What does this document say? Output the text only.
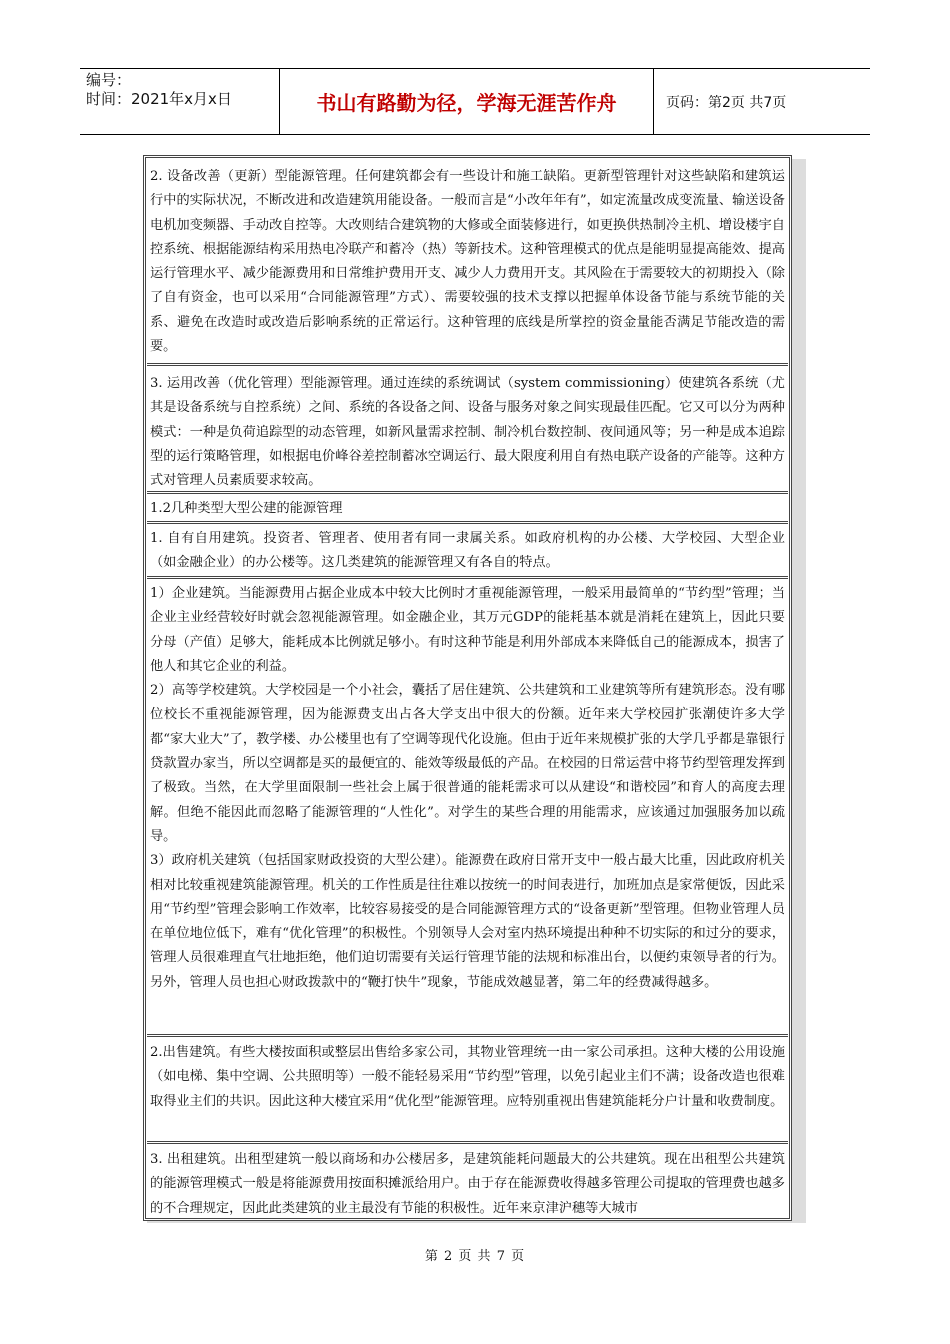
编号：
时间：2021年x月x日	书山有路勤为径，学海无涯苦作舟	页码：第2页 共7页

2. 设备改善（更新）型能源管理。任何建筑都会有一些设计和施工缺陷。更新型管理针对这些缺陷和建筑运行中的实际状况，不断改进和改造建筑用能设备。一般而言是“小改年年有”，如定流量改成变流量、输送设备电机加变频器、手动改自控等。大改则结合建筑物的大修或全面装修进行，如更换供热制冷主机、增设楼宇自控系统、根据能源结构采用热电冷联产和蓄冷（热）等新技术。这种管理模式的优点是能明显提高能效、提高运行管理水平、减少能源费用和日常维护费用开支、减少人力费用开支。其风险在于需要较大的初期投入（除了自有资金，也可以采用“合同能源管理”方式）、需要较强的技术支撑以把握单体设备节能与系统节能的关系、避免在改造时或改造后影响系统的正常运行。这种管理的底线是所掌控的资金量能否满足节能改造的需要。

3. 运用改善（优化管理）型能源管理。通过连续的系统调试（system commissioning）使建筑各系统（尤其是设备系统与自控系统）之间、系统的各设备之间、设备与服务对象之间实现最佳匹配。它又可以分为两种模式：一种是负荷追踪型的动态管理，如新风量需求控制、制冷机台数控制、夜间通风等；另一种是成本追踪型的运行策略管理，如根据电价峰谷差控制蓄冰空调运行、最大限度利用自有热电联产设备的产能等。这种方式对管理人员素质要求较高。

1.2几种类型大型公建的能源管理

1. 自有自用建筑。投资者、管理者、使用者有同一隶属关系。如政府机构的办公楼、大学校园、大型企业（如金融企业）的办公楼等。这几类建筑的能源管理又有各自的特点。

1）企业建筑。当能源费用占据企业成本中较大比例时才重视能源管理，一般采用最简单的“节约型”管理；当企业主业经营较好时就会忽视能源管理。如金融企业，其万元GDP的能耗基本就是消耗在建筑上，因此只要分母（产值）足够大，能耗成本比例就足够小。有时这种节能是利用外部成本来降低自己的能源成本，损害了他人和其它企业的利益。

2）高等学校建筑。大学校园是一个小社会，囊括了居住建筑、公共建筑和工业建筑等所有建筑形态。没有哪位校长不重视能源管理，因为能源费支出占各大学支出中很大的份额。近年来大学校园扩张潮使许多大学都“家大业大”了，教学楼、办公楼里也有了空调等现代化设施。但由于近年来规模扩张的大学几乎都是靠银行贷款置办家当，所以空调都是买的最便宜的、能效等级最低的产品。在校园的日常运营中将节约型管理发挥到了极致。当然，在大学里面限制一些社会上属于很普通的能耗需求可以从建设“和谐校园”和育人的高度去理解。但绝不能因此而忽略了能源管理的“人性化”。对学生的某些合理的用能需求，应该通过加强服务加以疏导。

3）政府机关建筑（包括国家财政投资的大型公建）。能源费在政府日常开支中一般占最大比重，因此政府机关相对比较重视建筑能源管理。机关的工作性质是往往难以按统一的时间表进行，加班加点是家常便饭，因此采用“节约型”管理会影响工作效率，比较容易接受的是合同能源管理方式的“设备更新”型管理。但物业管理人员在单位地位低下，难有“优化管理”的积极性。个别领导人会对室内热环境提出种种不切实际的和过分的要求，管理人员很难理直气壮地拒绝，他们迫切需要有关运行管理节能的法规和标准出台，以便约束领导者的行为。另外，管理人员也担心财政拨款中的“鞭打快牛”现象，节能成效越显著，第二年的经费减得越多。

2.出售建筑。有些大楼按面积或整层出售给多家公司，其物业管理统一由一家公司承担。这种大楼的公用设施（如电梯、集中空调、公共照明等）一般不能轻易采用“节约型”管理，以免引起业主们不满；设备改造也很难取得业主们的共识。因此这种大楼宜采用“优化型”能源管理。应特别重视出售建筑能耗分户计量和收费制度。

3. 出租建筑。出租型建筑一般以商场和办公楼居多，是建筑能耗问题最大的公共建筑。现在出租型公共建筑的能源管理模式一般是将能源费用按面积摊派给用户。由于存在能源费收得越多管理公司提取的管理费也越多的不合理规定，因此此类建筑的业主最没有节能的积极性。近年来京津沪穗等大城市

第 2 页 共 7 页
